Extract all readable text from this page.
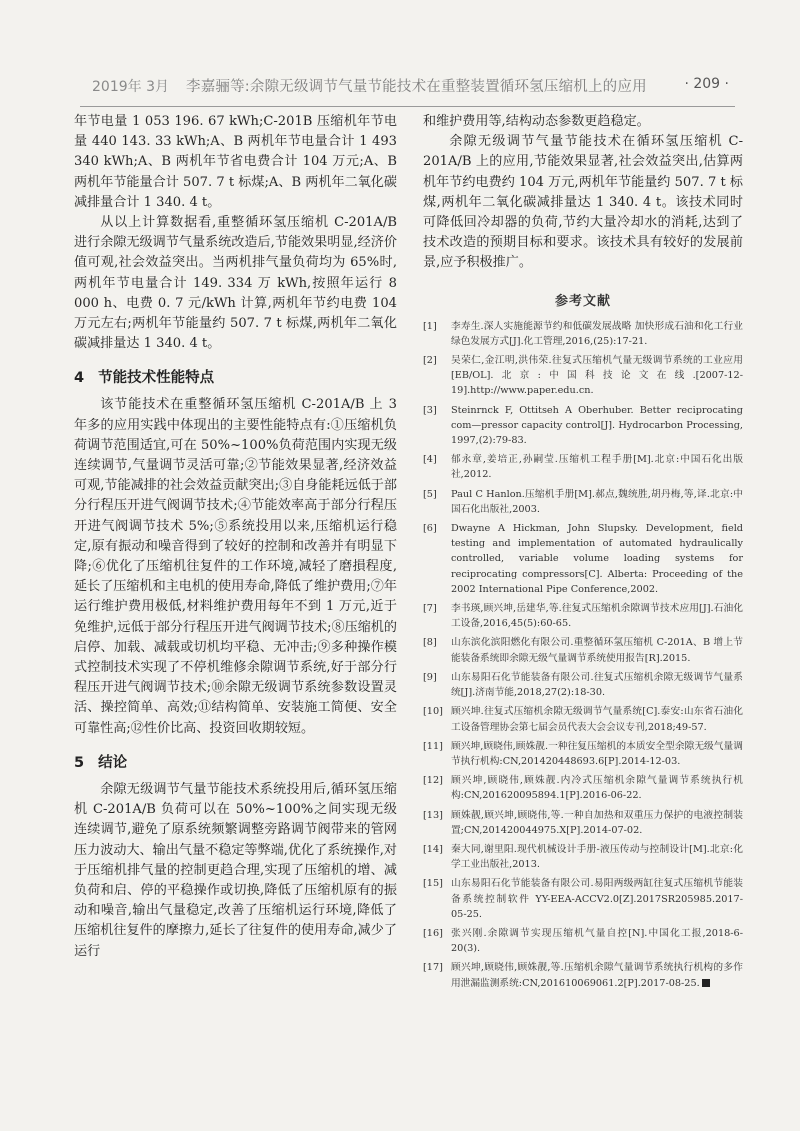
2019年 3月 李嘉骊等:余隙无级调节气量节能技术在重整装置循环氢压缩机上的应用	· 209 ·

年节电量 1 053 196. 67 kWh;C-201B 压缩机年节电量 440 143. 33 kWh;A、B 两机年节电量合计 1 493 340 kWh;A、B 两机年节省电费合计 104 万元;A、B 两机年节能量合计 507. 7 t 标煤;A、B 两机年二氧化碳减排量合计 1 340. 4 t。

从以上计算数据看,重整循环氢压缩机 C-201A/B 进行余隙无级调节气量系统改造后,节能效果明显,经济价值可观,社会效益突出。当两机排气量负荷均为 65%时,两机年节电量合计 149. 334 万 kWh,按照年运行 8 000 h、电费 0. 7 元/kWh 计算,两机年节约电费 104 万元左右;两机年节能量约 507. 7 t 标煤,两机年二氧化碳减排量达 1 340. 4 t。

4 节能技术性能特点

该节能技术在重整循环氢压缩机 C-201A/B 上 3 年多的应用实践中体现出的主要性能特点有:①压缩机负荷调节范围适宜,可在 50%~100%负荷范围内实现无级连续调节,气量调节灵活可靠;②节能效果显著,经济效益可观,节能减排的社会效益贡献突出;③自身能耗远低于部分行程压开进气阀调节技术;④节能效率高于部分行程压开进气阀调节技术 5%;⑤系统投用以来,压缩机运行稳定,原有振动和噪音得到了较好的控制和改善并有明显下降;⑥优化了压缩机往复件的工作环境,减轻了磨損程度,延长了压缩机和主电机的使用寿命,降低了维护费用;⑦年运行维护费用极低,材料维护费用每年不到 1 万元,近于免维护,远低于部分行程压开进气阀调节技术;⑧压缩机的启停、加载、减载或切机均平稳、无冲击;⑨多种操作模式控制技术实现了不停机维修余隙调节系统,好于部分行程压开进气阀调节技术;⑩余隙无级调节系统参数设置灵活、操控简单、高效;⑪结构简单、安装施工简便、安全可靠性高;⑫性价比高、投资回收期较短。

5 结论

余隙无级调节气量节能技术系统投用后,循环氢压缩机 C-201A/B 负荷可以在 50%~100%之间实现无级连续调节,避免了原系统频繁调整旁路调节阀带来的管网压力波动大、输出气量不稳定等弊端,优化了系统操作,对于压缩机排气量的控制更趋合理,实现了压缩机的增、减负荷和启、停的平稳操作或切换,降低了压缩机原有的振动和噪音,输出气量稳定,改善了压缩机运行环境,降低了压缩机往复件的摩擦力,延长了往复件的使用寿命,减少了运行

和维护费用等,结构动态参数更趋稳定。

余隙无级调节气量节能技术在循环氢压缩机 C-201A/B 上的应用,节能效果显著,社会效益突出,估算两机年节约电费约 104 万元,两机年节能量约 507. 7 t 标煤,两机年二氧化碳减排量达 1 340. 4 t。该技术同时可降低回冷却器的负荷,节约大量冷却水的消耗,达到了技术改造的预期目标和要求。该技术具有较好的发展前景,应予积极推广。

参考文献
[1]	李寿生.深人实施能源节约和低碳发展战略 加快形成石油和化工行业绿色发展方式[J].化工管理,2016,(25):17-21.
[2]	吴荣仁,金江明,洪伟荣.往复式压缩机气量无级调节系统的工业应用[EB/OL].北京:中国科技论文在线.[2007-12-19].http://www.paper.edu.cn.
[3]	Steinrnck F, Ottitseh A Oberhuber. Better reciprocating com—pressor capacity control[J]. Hydrocarbon Processing, 1997,(2):79-83.
[4]	郁永章,姜培正,孙嗣莹.压缩机工程手册[M].北京:中国石化出版社,2012.
[5]	Paul C Hanlon.压缩机手册[M].郝点,魏统胜,胡丹梅,等,译.北京:中国石化出版社,2003.
[6]	Dwayne A Hickman, John Slupsky. Development, field testing and implementation of automated hydraulically controlled, variable volume loading systems for reciprocating compressors[C]. Alberta: Proceeding of the 2002 International Pipe Conference,2002.
[7]	李书瑛,顾兴坤,岳建华,等.往复式压缩机余隙调节技术应用[J].石油化工设备,2016,45(5):60-65.
[8]	山东滨化滨阳燃化有限公司.重整循环氢压缩机 C-201A、B 增上节能装备系统即余隙无级气量调节系统使用报告[R].2015.
[9]	山东易阳石化节能装备有限公司.往复式压缩机余隙无级调节气量系统[J].济南节能,2018,27(2):18-30.
[10] 顾兴坤.往复式压缩机余隙无级调节气量系统[C].泰安:山东省石油化工设备管理协会第七届会员代表大会会议专刊,2018;49-57.
[11] 顾兴坤,顾晓伟,顾姝靓.一种往复压缩机的本质安全型余隙无级气量调节执行机构:CN,201420448693.6[P].2014-12-03.
[12] 顾兴坤,顾晓伟,顾姝靓.内冷式压缩机余隙气量调节系统执行机构:CN,201620095894.1[P].2016-06-22.
[13] 顾姝靓,顾兴坤,顾晓伟,等.一种自加热和双重压力保护的电液控制装置;CN,201420044975.X[P].2014-07-02.
[14] 秦大同,谢里阳.现代机械设计手册-液压传动与控制设计[M].北京:化学工业出版社,2013.
[15] 山东易阳石化节能装备有限公司.易阳两级两缸往复式压缩机节能装备系统控制软件 YY-EEA-ACCV2.0[Z].2017SR205985.2017-05-25.
[16] 张兴刚.余隙调节实现压缩机气量自控[N].中国化工报,2018-6-20(3).
[17] 顾兴坤,顾晓伟,顾姝靓,等.压缩机余隙气量调节系统执行机构的多作用泄漏监测系统:CN,201610069061.2[P].2017-08-25.
